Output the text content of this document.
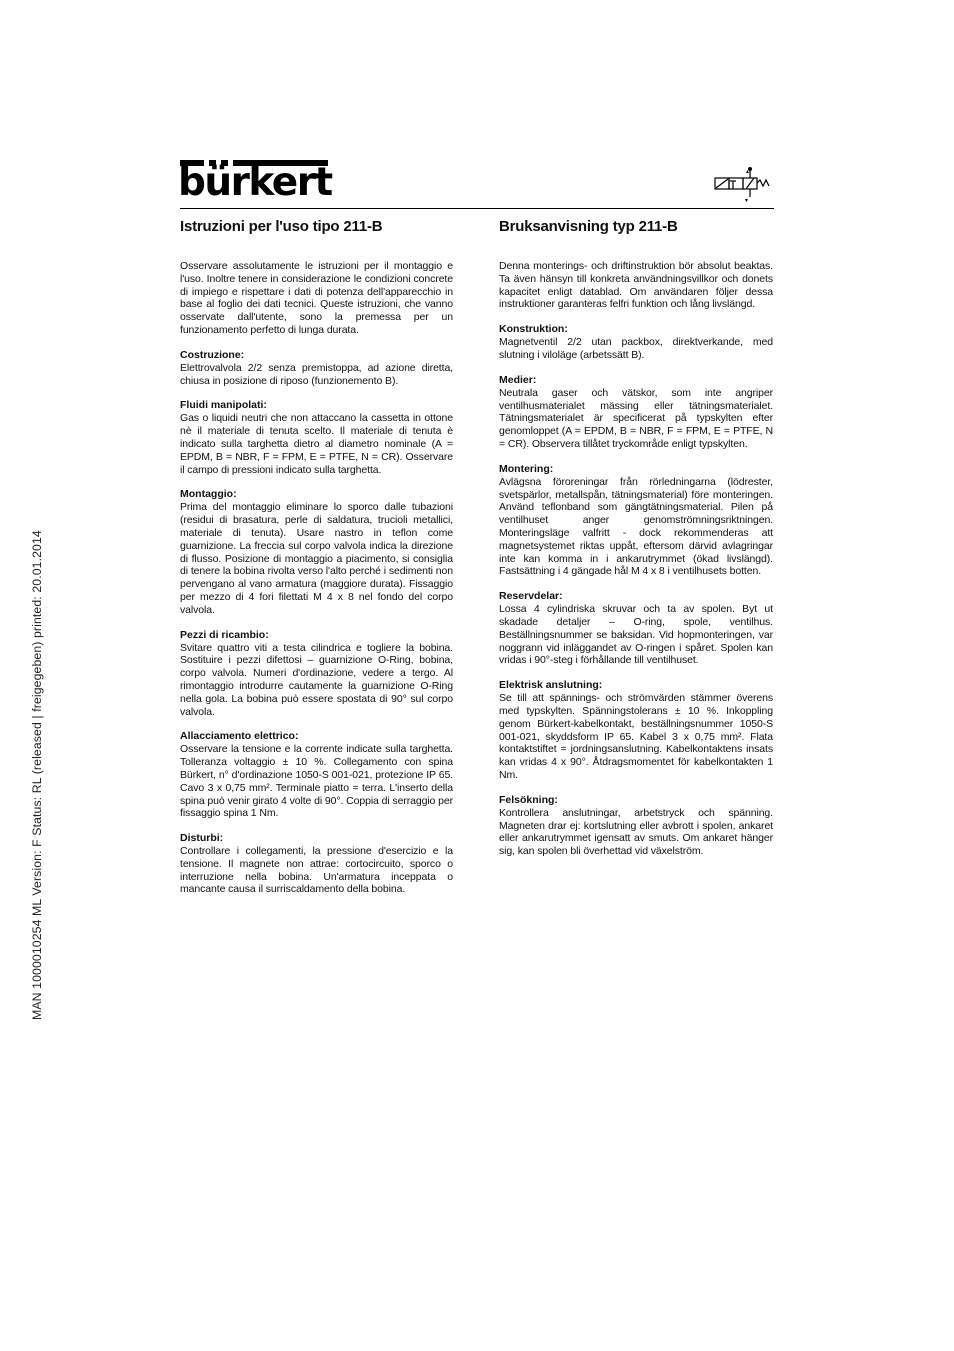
MAN 1000010254 ML Version: F Status: RL (released | freigegeben) printed: 20.01.2014
bürkert
Istruzioni per l'uso tipo 211-B

Osservare assolutamente le istruzioni per il montaggio e l'uso. Inoltre tenere in considerazione le condizioni concrete di impiego e rispettare i dati di potenza dell'apparecchio in base al foglio dei dati tecnici. Queste istruzioni, che vanno osservate dall'utente, sono la premessa per un funzionamento perfetto di lunga durata.

Costruzione:

Elettrovalvola 2/2 senza premistoppa, ad azione diretta, chiusa in posizione di riposo (funzionemento B).

Fluidi manipolati:

Gas o liquidi neutri che non attaccano la cassetta in ottone nè il materiale di tenuta scelto. Il materiale di tenuta è indicato sulla targhetta dietro al diametro nominale (A = EPDM, B = NBR, F = FPM, E = PTFE, N = CR). Osservare il campo di pressioni indicato sulla targhetta.

Montaggio:

Prima del montaggio eliminare lo sporco dalle tubazioni (residui di brasatura, perle di saldatura, trucioli metallici, materiale di tenuta). Usare nastro in teflon come guarnizione. La freccia sul corpo valvola indica la direzione di flusso. Posizione di montaggio a piacimento, si consiglia di tenere la bobina rivolta verso l'alto perché i sedimenti non pervengano al vano armatura (maggiore durata). Fissaggio per mezzo di 4 fori filettati M 4 x 8 nel fondo del corpo valvola.

Pezzi di ricambio:

Svitare quattro viti a testa cilindrica e togliere la bobina. Sostituire i pezzi difettosi – guarnizione O-Ring, bobina, corpo valvola. Numeri d'ordinazione, vedere a tergo. Al rimontaggio introdurre cautamente la guarnizione O-Ring nella gola. La bobina può essere spostata di 90° sul corpo valvola.

Allacciamento elettrico:

Osservare la tensione e la corrente indicate sulla targhetta. Tolleranza voltaggio ± 10 %. Collegamento con spina Bürkert, n° d'ordinazione 1050-S 001-021, protezione IP 65. Cavo 3 x 0,75 mm². Terminale piatto = terra. L'inserto della spina può venir girato 4 volte di 90°. Coppia di serraggio per fissaggio spina 1 Nm.

Disturbi:

Controllare i collegamenti, la pressione d'esercizio e la tensione. Il magnete non attrae: cortocircuito, sporco o interruzione nella bobina. Un'armatura inceppata o mancante causa il surriscaldamento della bobina.

Bruksanvisning typ 211-B

Denna monterings- och driftinstruktion bör absolut beaktas. Ta även hänsyn till konkreta användningsvillkor och donets kapacitet enligt datablad. Om användaren följer dessa instruktioner garanteras felfri funktion och lång livslängd.

Konstruktion:

Magnetventil 2/2 utan packbox, direktverkande, med slutning i viloläge (arbetssätt B).

Medier:

Neutrala gaser och vätskor, som inte angriper ventilhusmaterialet mässing eller tätningsmaterialet. Tätningsmaterialet är specificerat på typskylten efter genomloppet (A = EPDM, B = NBR, F = FPM, E = PTFE, N = CR). Observera tillåtet tryckområde enligt typskylten.

Montering:

Avlägsna föroreningar från rörledningarna (lödrester, svetspärlor, metallspån, tätningsmaterial) före monteringen. Använd teflonband som gängtätningsmaterial. Pilen på ventilhuset anger genomströmningsriktningen. Monteringsläge valfritt - dock rekommenderas att magnetsystemet riktas uppåt, eftersom därvid avlagringar inte kan komma in i ankarutrymmet (ökad livslängd). Fastsättning i 4 gängade hål M 4 x 8 i ventilhusets botten.

Reservdelar:

Lossa 4 cylindriska skruvar och ta av spolen. Byt ut skadade detaljer – O-ring, spole, ventilhus. Beställningsnummer se baksidan. Vid hopmonteringen, var noggrann vid inläggandet av O-ringen i spåret. Spolen kan vridas i 90°-steg i förhållande till ventilhuset.

Elektrisk anslutning:

Se till att spännings- och strömvärden stämmer överens med typskylten. Spänningstolerans ± 10 %. Inkoppling genom Bürkert-kabelkontakt, beställningsnummer 1050-S 001-021, skyddsform IP 65. Kabel 3 x 0,75 mm². Flata kontaktstiftet = jordningsanslutning. Kabelkontaktens insats kan vridas 4 x 90°. Åtdragsmomentet för kabelkontakten 1 Nm.

Felsökning:

Kontrollera anslutningar, arbetstryck och spänning. Magneten drar ej: kortslutning eller avbrott i spolen, ankaret eller ankarutrymmet igensatt av smuts. Om ankaret hänger sig, kan spolen bli överhettad vid växelström.
